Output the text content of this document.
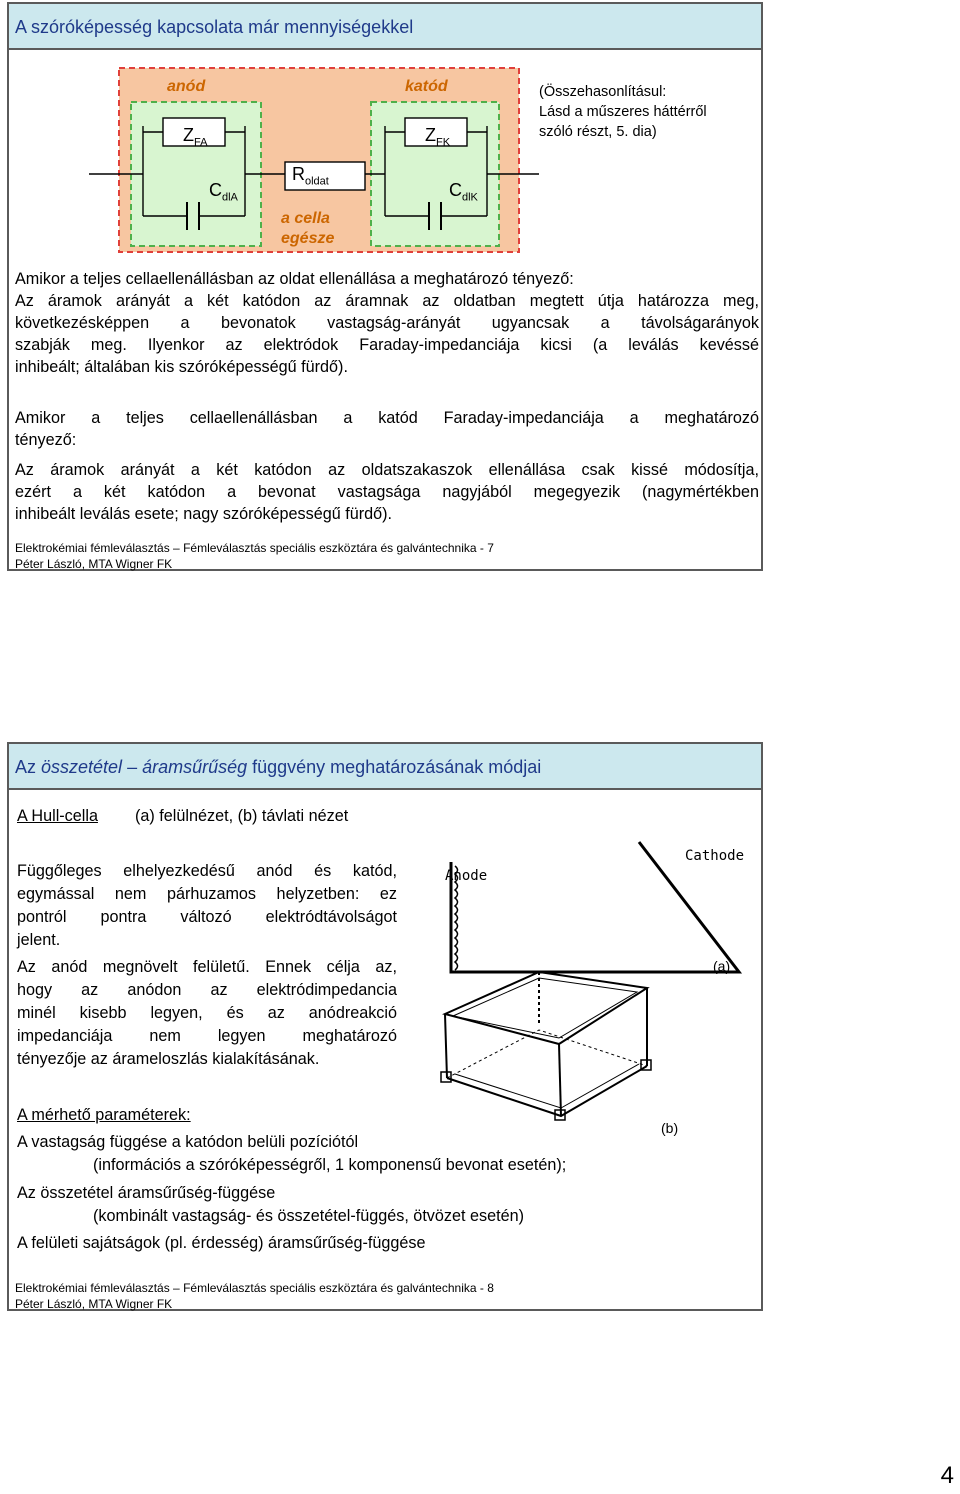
A szóróképesség kapcsolata már mennyiségekkel
anód	katód
$Z_{FA}$	$Z_{FK}$
$R_{oldat}$
$C_{dlA}$	$C_{dlK}$
a cella
egésze
(Összehasonlításul:
Lásd a műszeres háttérről
szóló részt, 5. dia)
Amikor a teljes cellaellenállásban az oldat ellenállása a meghatározó tényező:
Az áramok arányát a két katódon az áramnak az oldatban megtett útja határozza meg,
következésképpen a bevonatok vastagság-arányát ugyancsak a távolságarányok
szabják meg. Ilyenkor az elektródok Faraday-impedanciája kicsi (a leválás kevéssé
inhibeált; általában kis szóróképességű fürdő).
Amikor a teljes cellaellenállásban a katód Faraday-impedanciája a meghatározó
tényező:
Az áramok arányát a két katódon az oldatszakaszok ellenállása csak kissé módosítja,
ezért a két katódon a bevonat vastagsága nagyjából megegyezik (nagymértékben
inhibeált leválás esete; nagy szóróképességű fürdő).
Elektrokémiai fémleválasztás – Fémleválasztás speciális eszköztára és galvántechnika - 7
Péter László, MTA Wigner FK
Az összetétel – áramsűrűség függvény meghatározásának módjai
A Hull-cella (a) felülnézet, (b) távlati nézet
Függőleges elhelyezkedésű anód és katód,
egymással nem párhuzamos helyzetben: ez
pontról pontra változó elektródtávolságot
jelent.
Az anód megnövelt felületű. Ennek célja az,
hogy az anódon az elektródimpedancia
minél kisebb legyen, és az anódreakció
impedanciája nem legyen meghatározó
tényezője az árameloszlás kialakításának.
Anode
Cathode
(a)
(b)
A mérhető paraméterek:
A vastagság függése a katódon belüli pozíciótól
(információs a szóróképességről, 1 komponensű bevonat esetén);
Az összetétel áramsűrűség-függése
(kombinált vastagság- és összetétel-függés, ötvözet esetén)
A felületi sajátságok (pl. érdesség) áramsűrűség-függése
Elektrokémiai fémleválasztás – Fémleválasztás speciális eszköztára és galvántechnika - 8
Péter László, MTA Wigner FK
4
